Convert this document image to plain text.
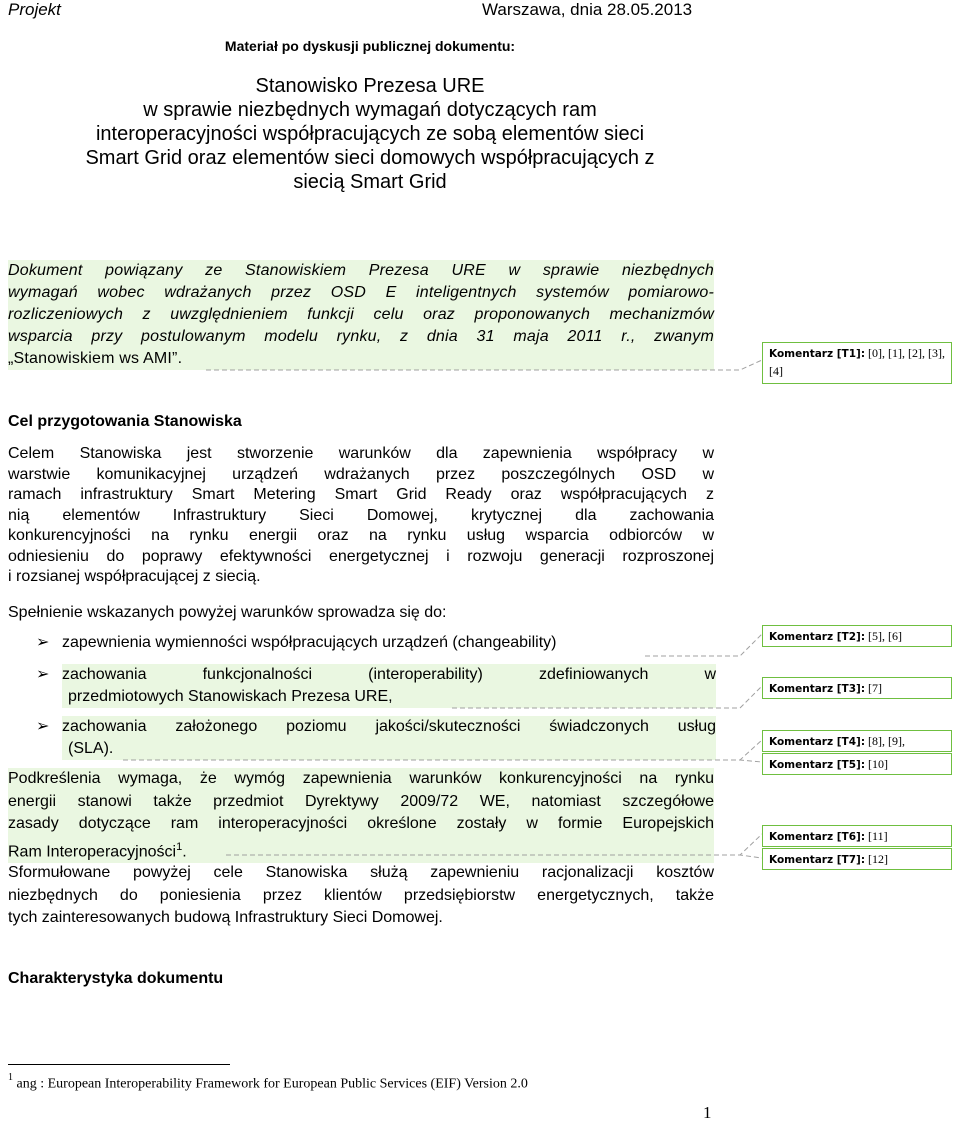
Projekt	Warszawa, dnia 28.05.2013
Materiał po dyskusji publicznej dokumentu:
Stanowisko Prezesa URE
w sprawie niezbędnych wymagań dotyczących ram
interoperacyjności współpracujących ze sobą elementów sieci
Smart Grid oraz elementów sieci domowych współpracujących z
siecią Smart Grid
Dokument powiązany ze Stanowiskiem Prezesa URE w sprawie niezbędnych
wymagań wobec wdrażanych przez OSD E inteligentnych systemów pomiarowo-
rozliczeniowych z uwzględnieniem funkcji celu oraz proponowanych mechanizmów
wsparcia przy postulowanym modelu rynku, z dnia 31 maja 2011 r., zwanym
„Stanowiskiem ws AMI”.
Cel przygotowania Stanowiska
Celem Stanowiska jest stworzenie warunków dla zapewnienia współpracy w
warstwie komunikacyjnej urządzeń wdrażanych przez poszczególnych OSD w
ramach infrastruktury Smart Metering Smart Grid Ready oraz współpracujących z
nią elementów Infrastruktury Sieci Domowej, krytycznej dla zachowania
konkurencyjności na rynku energii oraz na rynku usług wsparcia odbiorców w
odniesieniu do poprawy efektywności energetycznej i rozwoju generacji rozproszonej
i rozsianej współpracującej z siecią.
Spełnienie wskazanych powyżej warunków sprowadza się do:
➢ zapewnienia wymienności współpracujących urządzeń (changeability)
➢ zachowania funkcjonalności (interoperability) zdefiniowanych w
przedmiotowych Stanowiskach Prezesa URE,
➢ zachowania założonego poziomu jakości/skuteczności świadczonych usług
(SLA).
Podkreślenia wymaga, że wymóg zapewnienia warunków konkurencyjności na rynku
energii stanowi także przedmiot Dyrektywy 2009/72 WE, natomiast szczegółowe
zasady dotyczące ram interoperacyjności określone zostały w formie Europejskich
Ram Interoperacyjności$^1$.
Sformułowane powyżej cele Stanowiska służą zapewnieniu racjonalizacji kosztów
niezbędnych do poniesienia przez klientów przedsiębiorstw energetycznych, także
tych zainteresowanych budową Infrastruktury Sieci Domowej.
Charakterystyka dokumentu
$^1$ ang : European Interoperability Framework for European Public Services (EIF) Version 2.0
1
Komentarz [T1]: [0], [1], [2], [3], [4]
Komentarz [T2]: [5], [6]
Komentarz [T3]: [7]
Komentarz [T4]: [8], [9],
Komentarz [T5]: [10]
Komentarz [T6]: [11]
Komentarz [T7]: [12]
